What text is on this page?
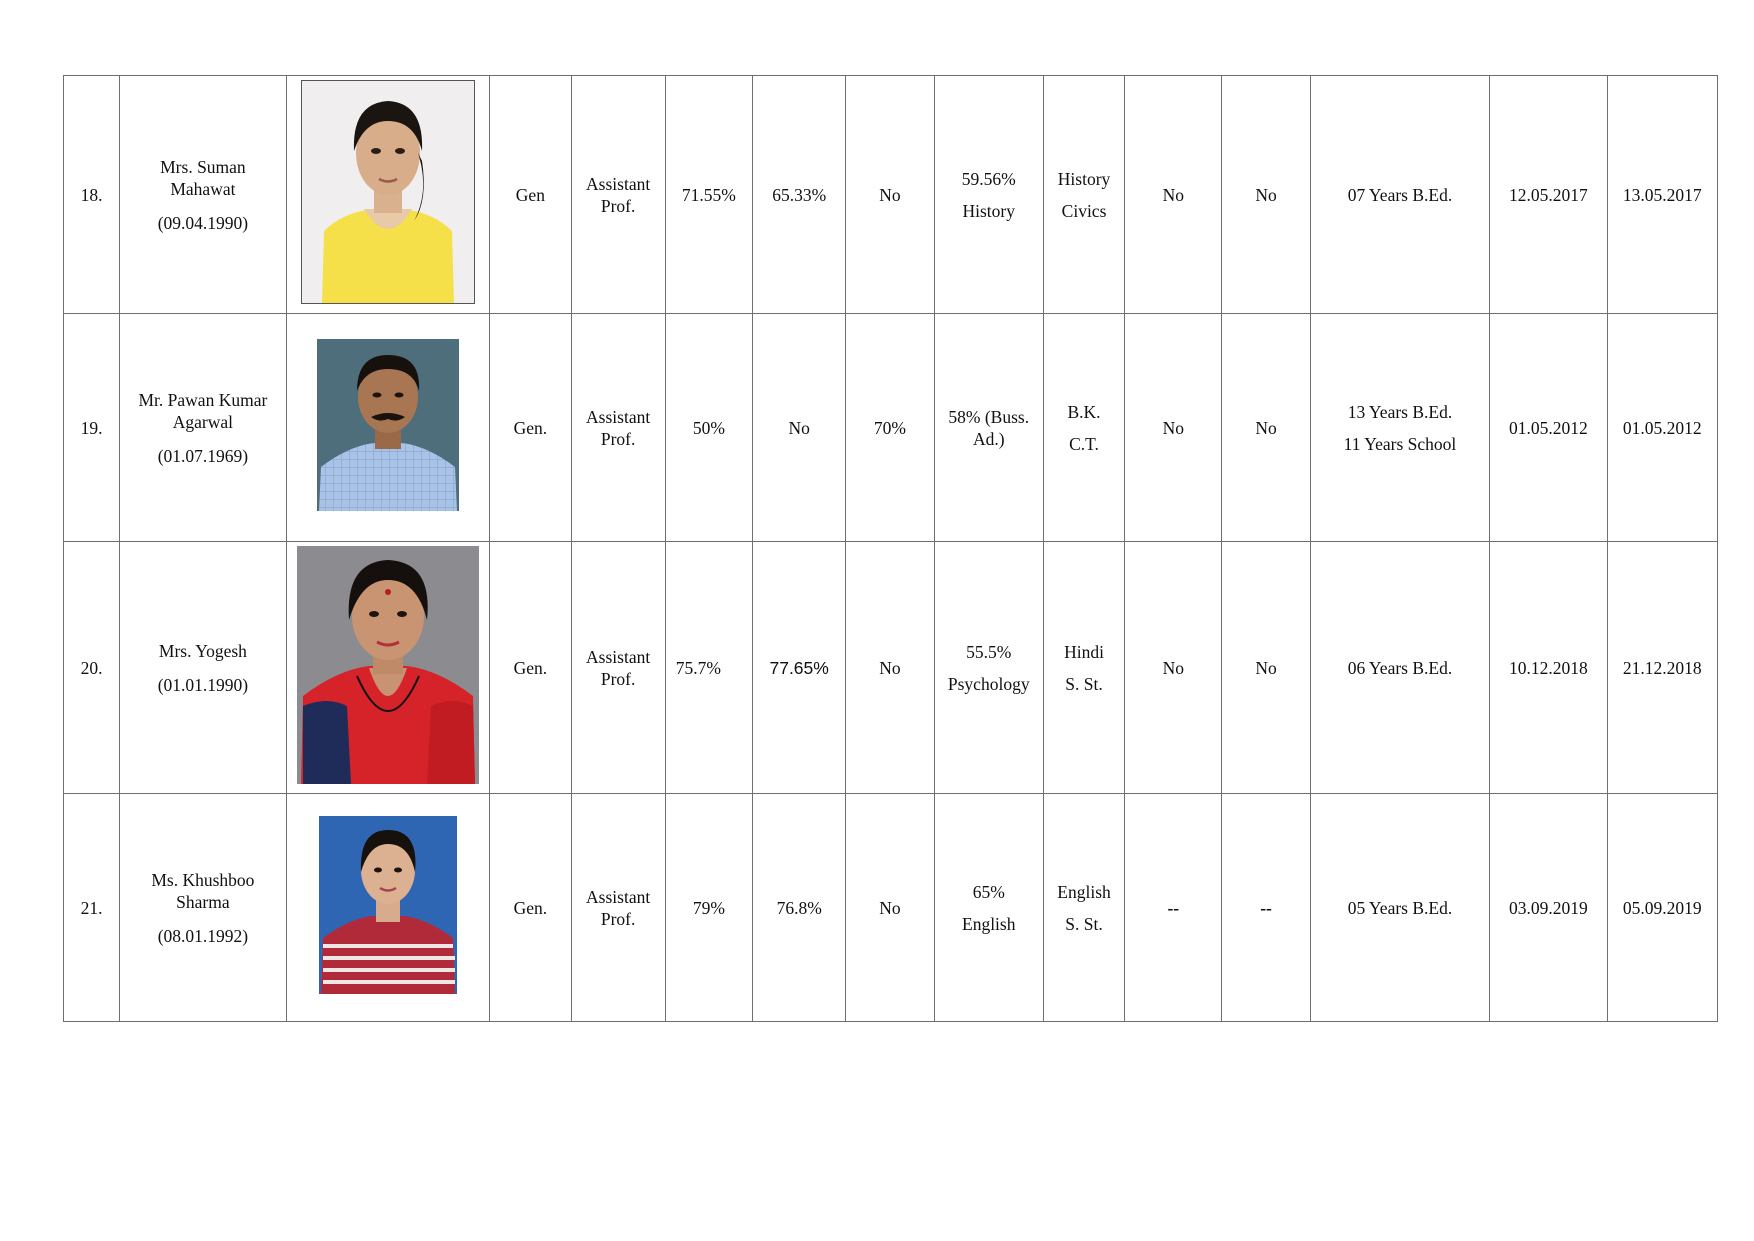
18.	Mrs. Suman
Mahawat
(09.04.1990)		Gen	Assistant
Prof.	71.55%	65.33%	No	59.56%
History	History
Civics	No	No	07 Years B.Ed.	12.05.2017	13.05.2017
19.	Mr. Pawan Kumar
Agarwal
(01.07.1969)		Gen.	Assistant
Prof.	50%	No	70%	58% (Buss.
Ad.)	B.K.
C.T.	No	No	13 Years B.Ed.
11 Years School	01.05.2012	01.05.2012
20.	Mrs. Yogesh
(01.01.1990)		Gen.	Assistant
Prof.	75.7%	77.65%	No	55.5%
Psychology	Hindi
S. St.	No	No	06 Years B.Ed.	10.12.2018	21.12.2018
21.	Ms. Khushboo
Sharma
(08.01.1992)		Gen.	Assistant
Prof.	79%	76.8%	No	65%
English	English
S. St.	--	--	05 Years B.Ed.	03.09.2019	05.09.2019
